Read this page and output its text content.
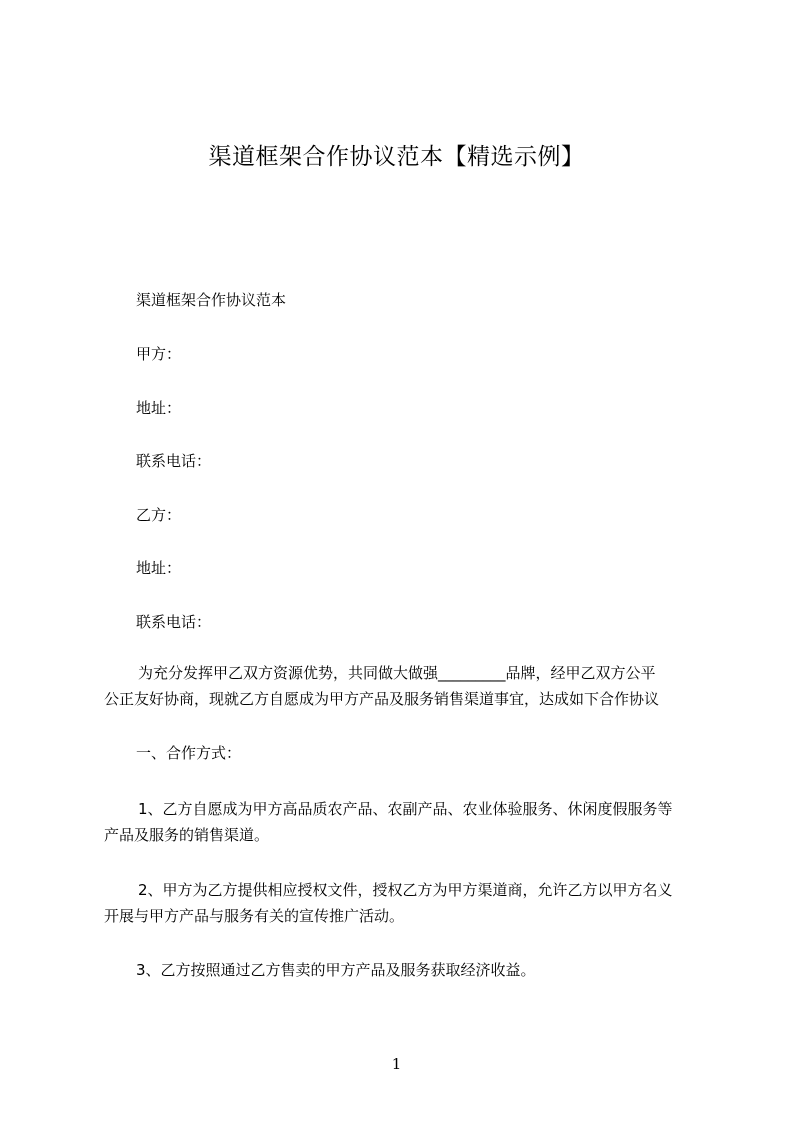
渠道框架合作协议范本【精选示例】
渠道框架合作协议范本
甲方：
地址：
联系电话：
乙方：
地址：
联系电话：
为充分发挥甲乙双方资源优势，共同做大做强_________品牌，经甲乙双方公平
公正友好协商，现就乙方自愿成为甲方产品及服务销售渠道事宜，达成如下合作协议
一、合作方式：
1、乙方自愿成为甲方高品质农产品、农副产品、农业体验服务、休闲度假服务等
产品及服务的销售渠道。
2、甲方为乙方提供相应授权文件，授权乙方为甲方渠道商，允许乙方以甲方名义
开展与甲方产品与服务有关的宣传推广活动。
3、乙方按照通过乙方售卖的甲方产品及服务获取经济收益。
1
